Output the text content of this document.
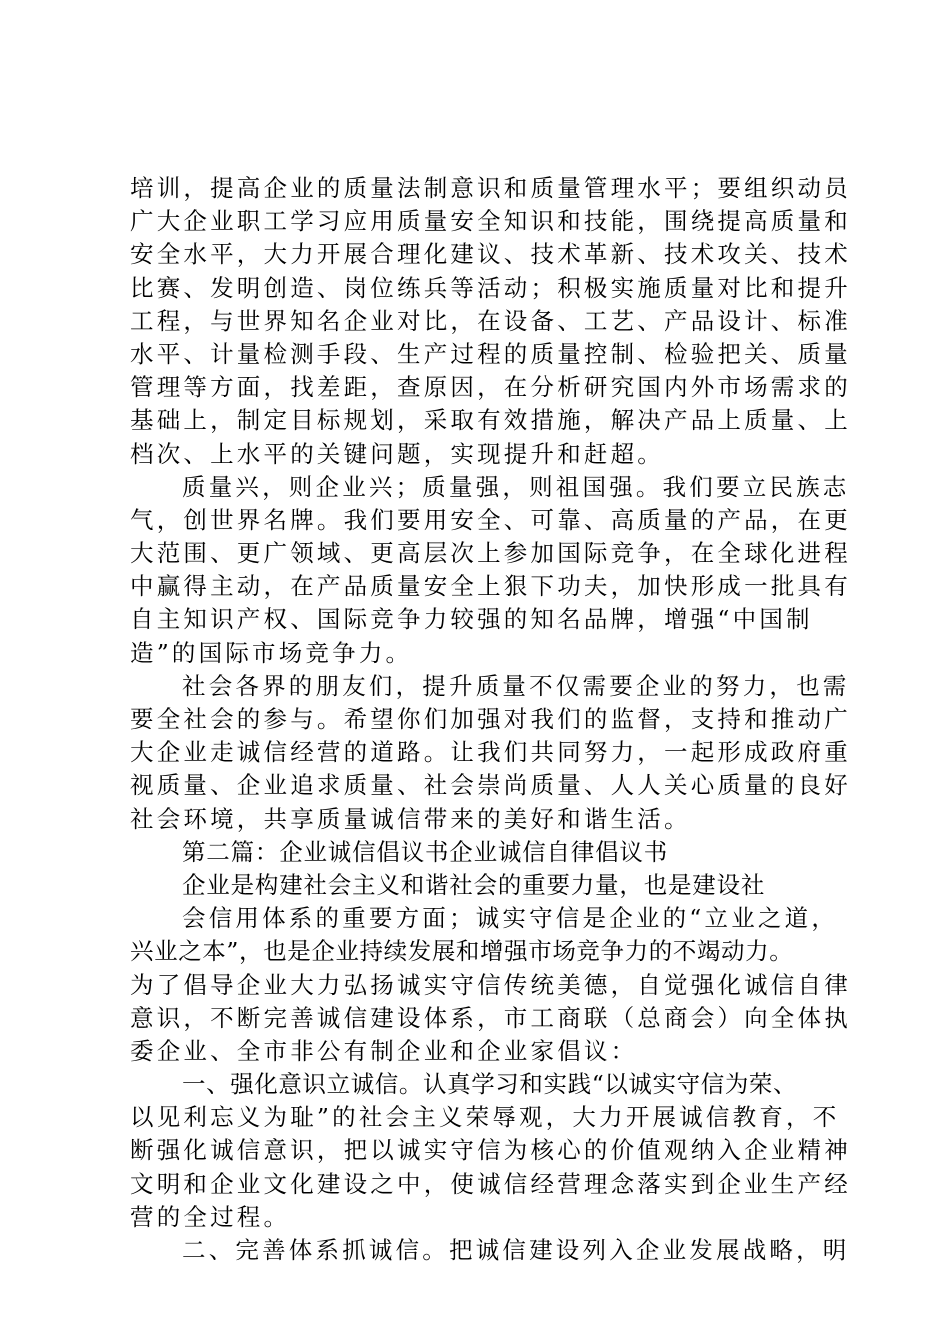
培训，提高企业的质量法制意识和质量管理水平；要组织动员
广大企业职工学习应用质量安全知识和技能，围绕提高质量和
安全水平，大力开展合理化建议、技术革新、技术攻关、技术
比赛、发明创造、岗位练兵等活动；积极实施质量对比和提升
工程，与世界知名企业对比，在设备、工艺、产品设计、标准
水平、计量检测手段、生产过程的质量控制、检验把关、质量
管理等方面，找差距，查原因，在分析研究国内外市场需求的
基础上，制定目标规划，采取有效措施，解决产品上质量、上
档次、上水平的关键问题，实现提升和赶超。
质量兴，则企业兴；质量强，则祖国强。我们要立民族志
气，创世界名牌。我们要用安全、可靠、高质量的产品，在更
大范围、更广领域、更高层次上参加国际竞争，在全球化进程
中赢得主动，在产品质量安全上狠下功夫，加快形成一批具有
自主知识产权、国际竞争力较强的知名品牌，增强“中国制
造”的国际市场竞争力。
社会各界的朋友们，提升质量不仅需要企业的努力，也需
要全社会的参与。希望你们加强对我们的监督，支持和推动广
大企业走诚信经营的道路。让我们共同努力，一起形成政府重
视质量、企业追求质量、社会崇尚质量、人人关心质量的良好
社会环境，共享质量诚信带来的美好和谐生活。
第二篇：企业诚信倡议书企业诚信自律倡议书
企业是构建社会主义和谐社会的重要力量，也是建设社
会信用体系的重要方面；诚实守信是企业的“立业之道，
兴业之本”，也是企业持续发展和增强市场竞争力的不竭动力。
为了倡导企业大力弘扬诚实守信传统美德，自觉强化诚信自律
意识，不断完善诚信建设体系，市工商联（总商会）向全体执
委企业、全市非公有制企业和企业家倡议：
一、强化意识立诚信。认真学习和实践“以诚实守信为荣、
以见利忘义为耻”的社会主义荣辱观，大力开展诚信教育，不
断强化诚信意识，把以诚实守信为核心的价值观纳入企业精神
文明和企业文化建设之中，使诚信经营理念落实到企业生产经
营的全过程。
二、完善体系抓诚信。把诚信建设列入企业发展战略，明
